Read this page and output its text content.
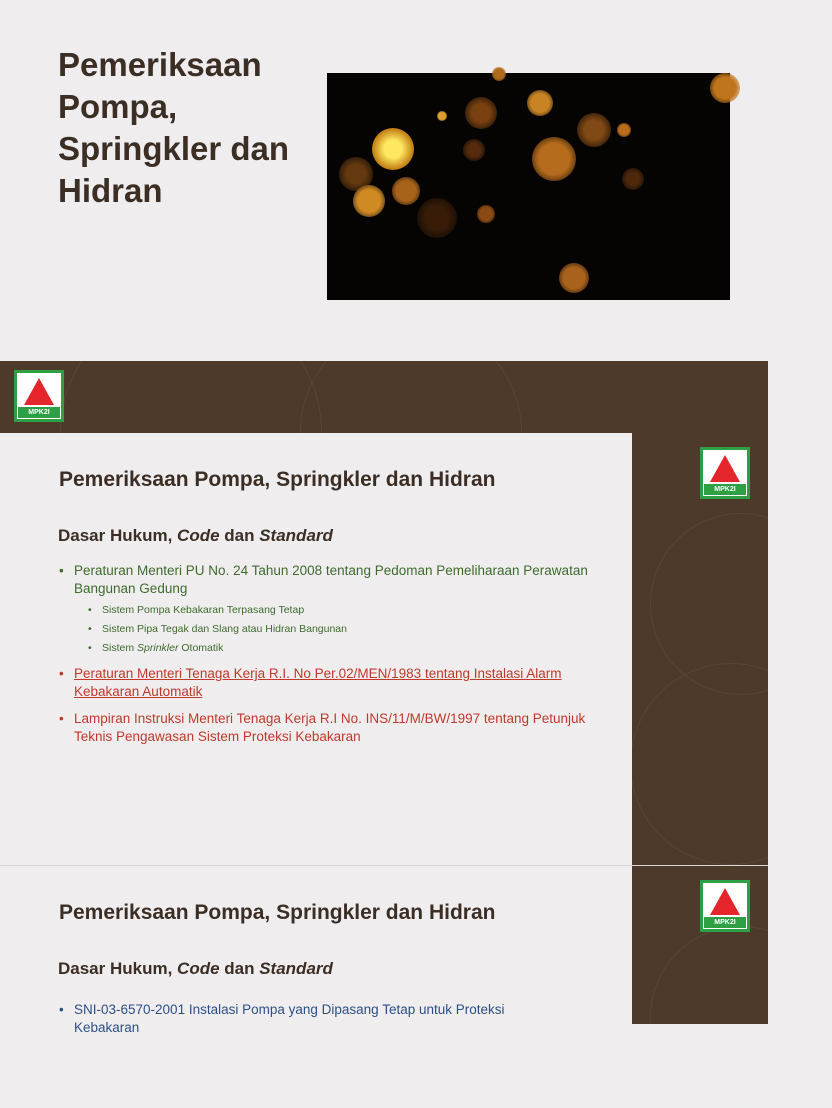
Pemeriksaan Pompa, Springkler dan Hidran
MPK2I
Pemeriksaan Pompa, Springkler dan Hidran
Dasar Hukum, Code dan Standard
• Peraturan Menteri PU No. 24 Tahun 2008 tentang Pedoman Pemeliharaan Perawatan Bangunan Gedung
• Sistem Pompa Kebakaran Terpasang Tetap
• Sistem Pipa Tegak dan Slang atau Hidran Bangunan
• Sistem Sprinkler Otomatik
• Peraturan Menteri Tenaga Kerja R.I. No Per.02/MEN/1983 tentang Instalasi Alarm Kebakaran Automatik
• Lampiran Instruksi Menteri Tenaga Kerja R.I No. INS/11/M/BW/1997 tentang Petunjuk Teknis Pengawasan Sistem Proteksi Kebakaran
MPK2I
Pemeriksaan Pompa, Springkler dan Hidran
Dasar Hukum, Code dan Standard
• SNI-03-6570-2001 Instalasi Pompa yang Dipasang Tetap untuk Proteksi Kebakaran
MPK2I
